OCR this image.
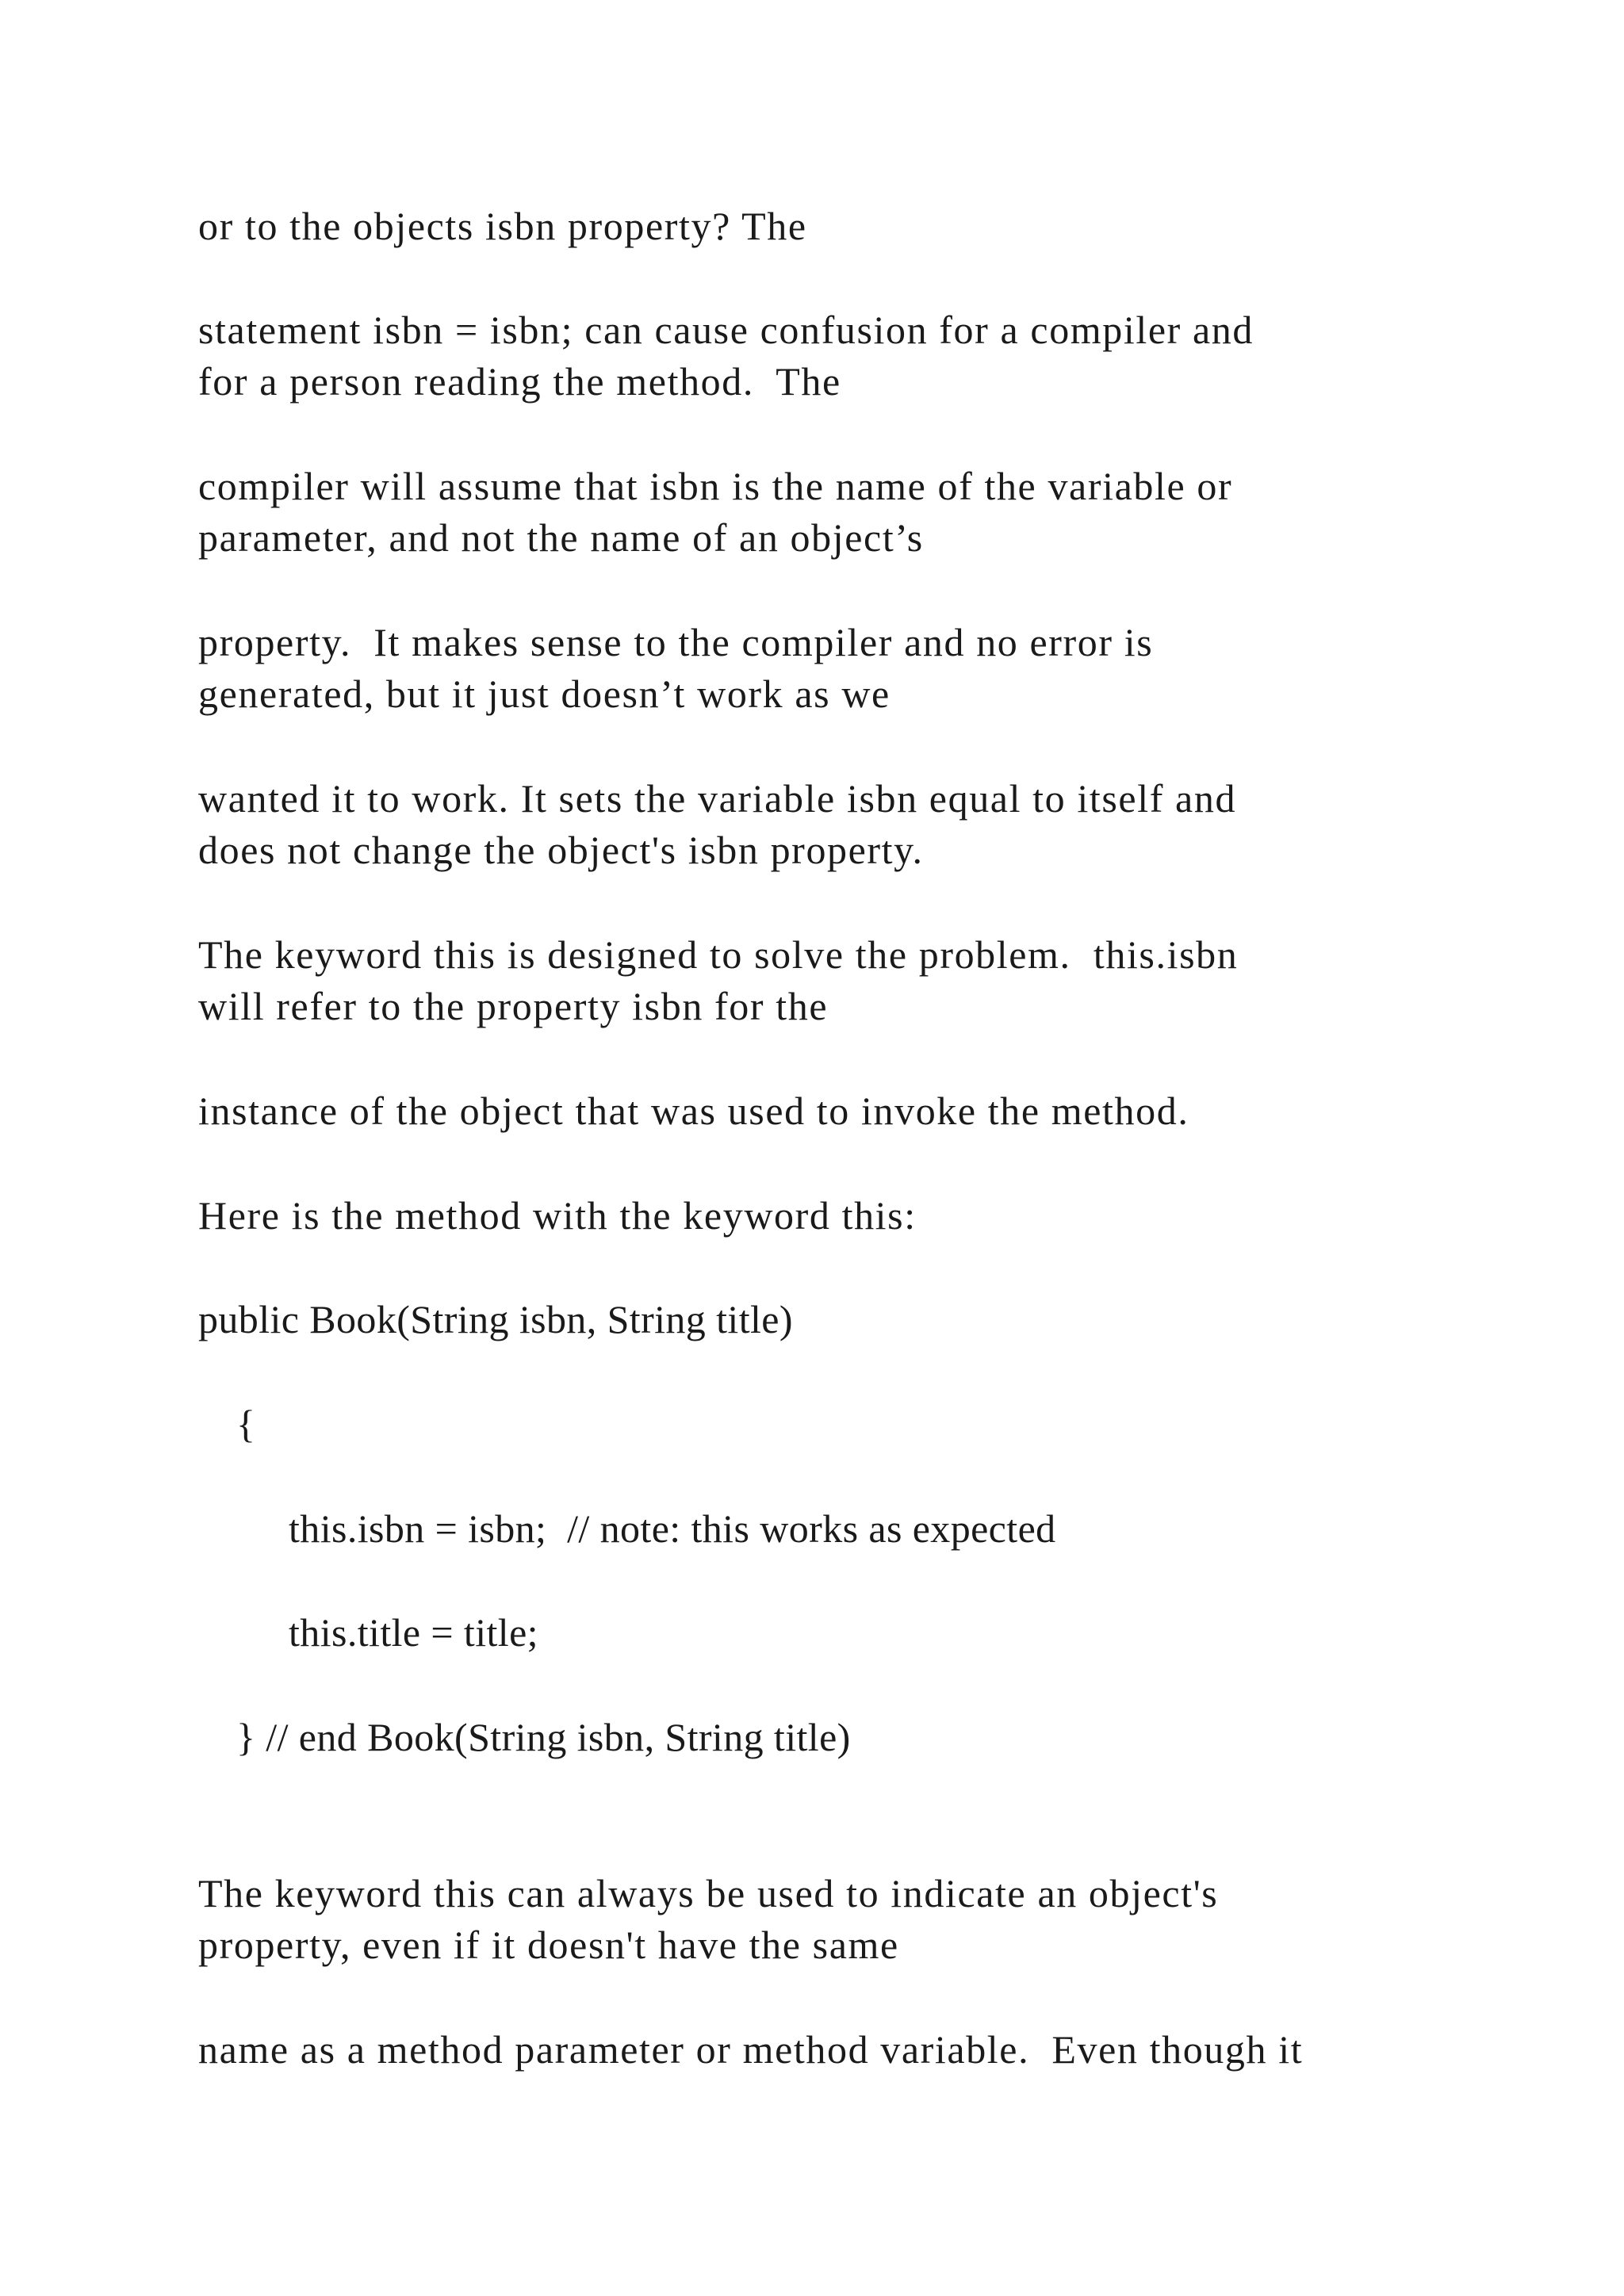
or to the objects isbn property? The
statement isbn = isbn; can cause confusion for a compiler and
for a person reading the method.  The
compiler will assume that isbn is the name of the variable or
parameter, and not the name of an object’s
property.  It makes sense to the compiler and no error is
generated, but it just doesn’t work as we
wanted it to work. It sets the variable isbn equal to itself and
does not change the object's isbn property.
The keyword this is designed to solve the problem.  this.isbn
will refer to the property isbn for the
instance of the object that was used to invoke the method.
Here is the method with the keyword this:
public Book(String isbn, String title)
{
this.isbn = isbn;  // note: this works as expected
this.title = title;
} // end Book(String isbn, String title)
The keyword this can always be used to indicate an object's
property, even if it doesn't have the same
name as a method parameter or method variable.  Even though it
